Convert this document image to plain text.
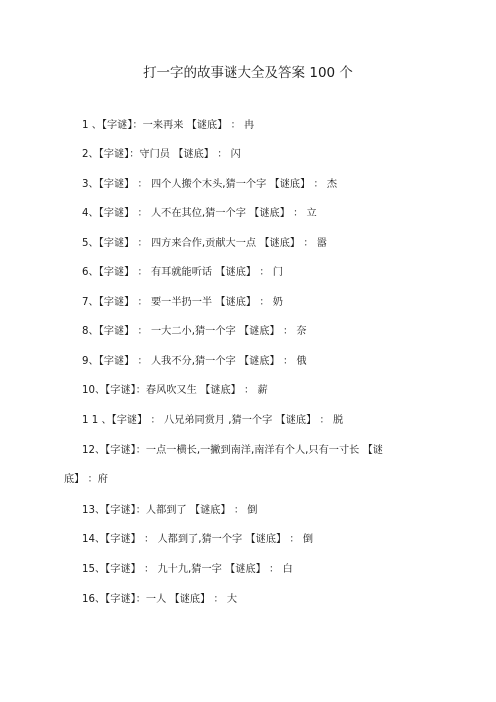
打一字的故事谜大全及答案 100 个
1 、【字谜】：一来再来 【谜底】 ： 冉
2、【字谜】：守门员 【谜底】 ： 闪
3、【字谜】 ： 四个人搬个木头,猜一个字 【谜底】 ： 杰
4、【字谜】 ： 人不在其位,猜一个字 【谜底】 ： 立
5、【字谜】 ： 四方来合作,贡献大一点 【谜底】 ： 嚣
6、【字谜】 ： 有耳就能听话 【谜底】 ： 门
7、【字谜】 ： 要一半扔一半 【谜底】 ： 奶
8、【字谜】 ： 一大二小,猜一个字 【谜底】 ： 奈
9、【字谜】 ： 人我不分,猜一个字 【谜底】 ： 俄
10、【字谜】：春风吹又生 【谜底】 ： 薪
1 1 、【字谜】 ： 八兄弟同赏月 ,猜一个字 【谜底】 ： 脱
12、【字谜】：一点一横长,一撇到南洋,南洋有个人,只有一寸长 【谜
底】 ：府
13、【字谜】：人都到了 【谜底】 ： 倒
14、【字谜】 ： 人都到了,猜一个字 【谜底】 ： 倒
15、【字谜】 ： 九十九,猜一字 【谜底】 ： 白
16、【字谜】：一人 【谜底】 ： 大
